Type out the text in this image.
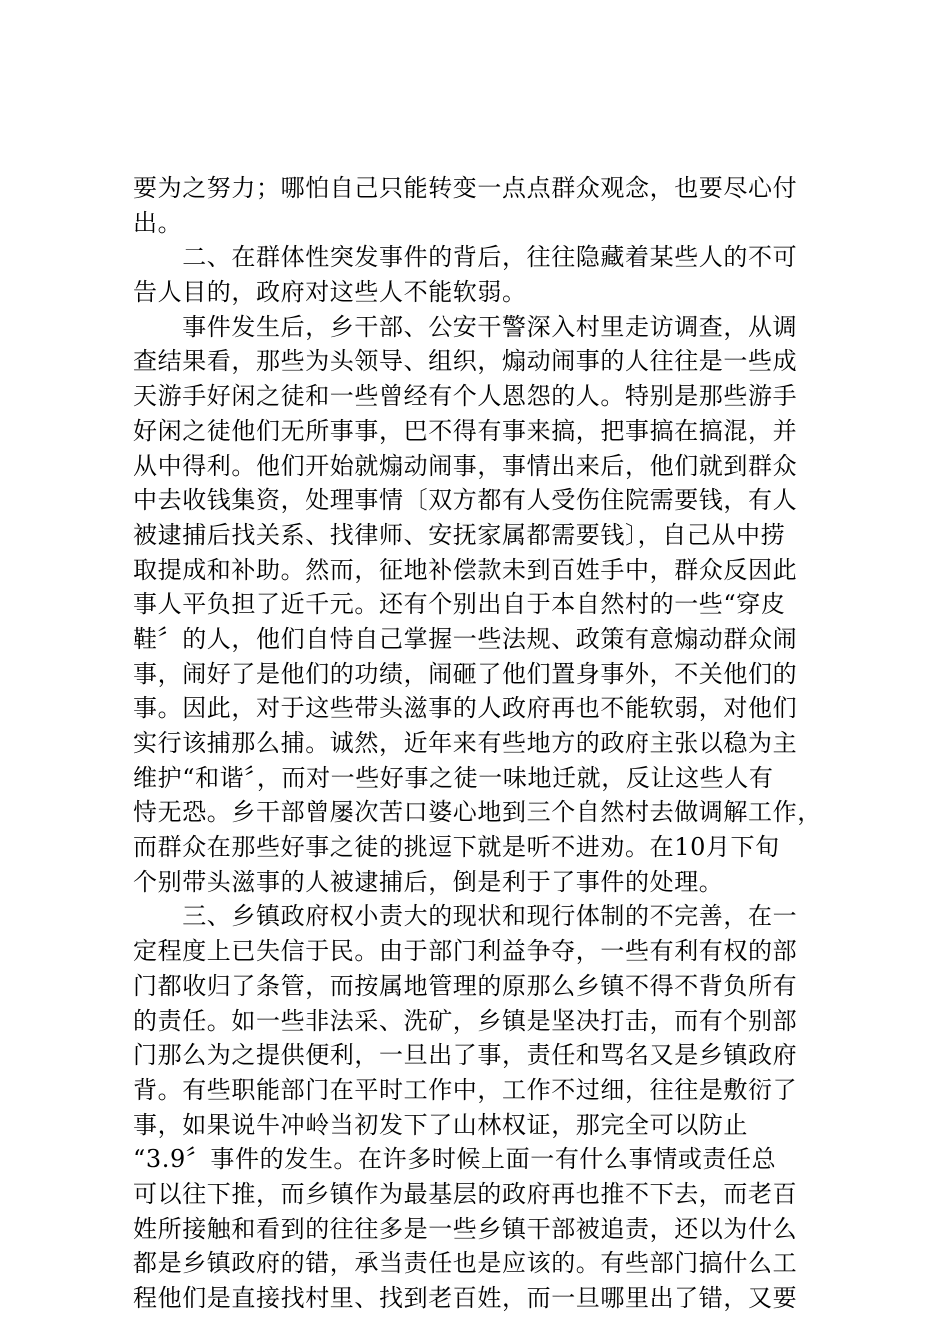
要为之努力；哪怕自己只能转变一点点群众观念，也要尽心付
出。
　　二、在群体性突发事件的背后，往往隐藏着某些人的不可
告人目的，政府对这些人不能软弱。
　　事件发生后，乡干部、公安干警深入村里走访调查，从调
查结果看，那些为头领导、组织，煽动闹事的人往往是一些成
天游手好闲之徒和一些曾经有个人恩怨的人。特别是那些游手
好闲之徒他们无所事事，巴不得有事来搞，把事搞在搞混，并
从中得利。他们开始就煽动闹事，事情出来后，他们就到群众
中去收钱集资，处理事情〔双方都有人受伤住院需要钱，有人
被逮捕后找关系、找律师、安抚家属都需要钱〕，自己从中捞
取提成和补助。然而，征地补偿款未到百姓手中，群众反因此
事人平负担了近千元。还有个别出自于本自然村的一些“穿皮
鞋〞的人，他们自恃自己掌握一些法规、政策有意煽动群众闹
事，闹好了是他们的功绩，闹砸了他们置身事外，不关他们的
事。因此，对于这些带头滋事的人政府再也不能软弱，对他们
实行该捕那么捕。诚然，近年来有些地方的政府主张以稳为主
维护“和谐〞，而对一些好事之徒一味地迁就，反让这些人有
恃无恐。乡干部曾屡次苦口婆心地到三个自然村去做调解工作，
而群众在那些好事之徒的挑逗下就是听不进劝。在10月下旬
个别带头滋事的人被逮捕后，倒是利于了事件的处理。
　　三、乡镇政府权小责大的现状和现行体制的不完善，在一
定程度上已失信于民。由于部门利益争夺，一些有利有权的部
门都收归了条管，而按属地管理的原那么乡镇不得不背负所有
的责任。如一些非法采、洗矿，乡镇是坚决打击，而有个别部
门那么为之提供便利，一旦出了事，责任和骂名又是乡镇政府
背。有些职能部门在平时工作中，工作不过细，往往是敷衍了
事，如果说牛冲岭当初发下了山林权证，那完全可以防止
“3.9〞事件的发生。在许多时候上面一有什么事情或责任总
可以往下推，而乡镇作为最基层的政府再也推不下去，而老百
姓所接触和看到的往往多是一些乡镇干部被追责，还以为什么
都是乡镇政府的错，承当责任也是应该的。有些部门搞什么工
程他们是直接找村里、找到老百姓，而一旦哪里出了错，又要
